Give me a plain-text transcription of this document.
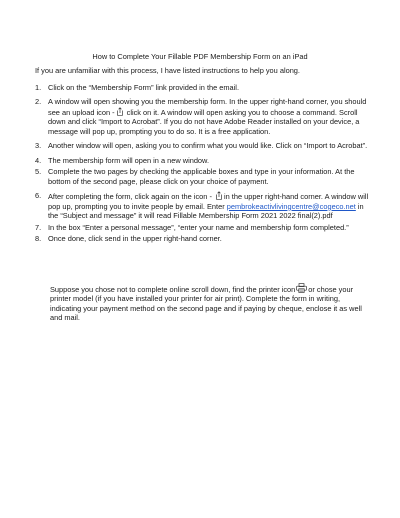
How to Complete Your Fillable PDF Membership Form on an iPad
If you are unfamiliar with this process, I have listed instructions to help you along.
1. Click on the “Membership Form” link provided in the email.
2. A window will open showing you the membership form. In the upper right-hand corner, you should see an upload icon -
click on it. A window will open asking you to choose a command. Scroll down and click “Import to Acrobat”. If you do not have Adobe Reader installed on your device, a message will pop up, prompting you to do so. It is a free application.
3. Another window will open, asking you to confirm what you would like. Click on “Import to Acrobat”.
4. The membership form will open in a new window.
5. Complete the two pages by checking the applicable boxes and type in your information. At the bottom of the second page, please click on your choice of payment.
6. After completing the form, click again on the icon -
in the upper right-hand corner. A window will pop up, prompting you to invite people by email. Enter pembrokeactivlivingcentre@cogeco.net in the “Subject and message” it will read Fillable Membership Form 2021 2022 final(2).pdf
7. In the box “Enter a personal message”, “enter your name and membership form completed.”
8. Once done, click send in the upper right-hand corner.
Suppose you chose not to complete online scroll down, find the printer icon or chose your printer model (if you have installed your printer for air print). Complete the form in writing, indicating your payment method on the second page and if paying by cheque, enclose it as well and mail.
